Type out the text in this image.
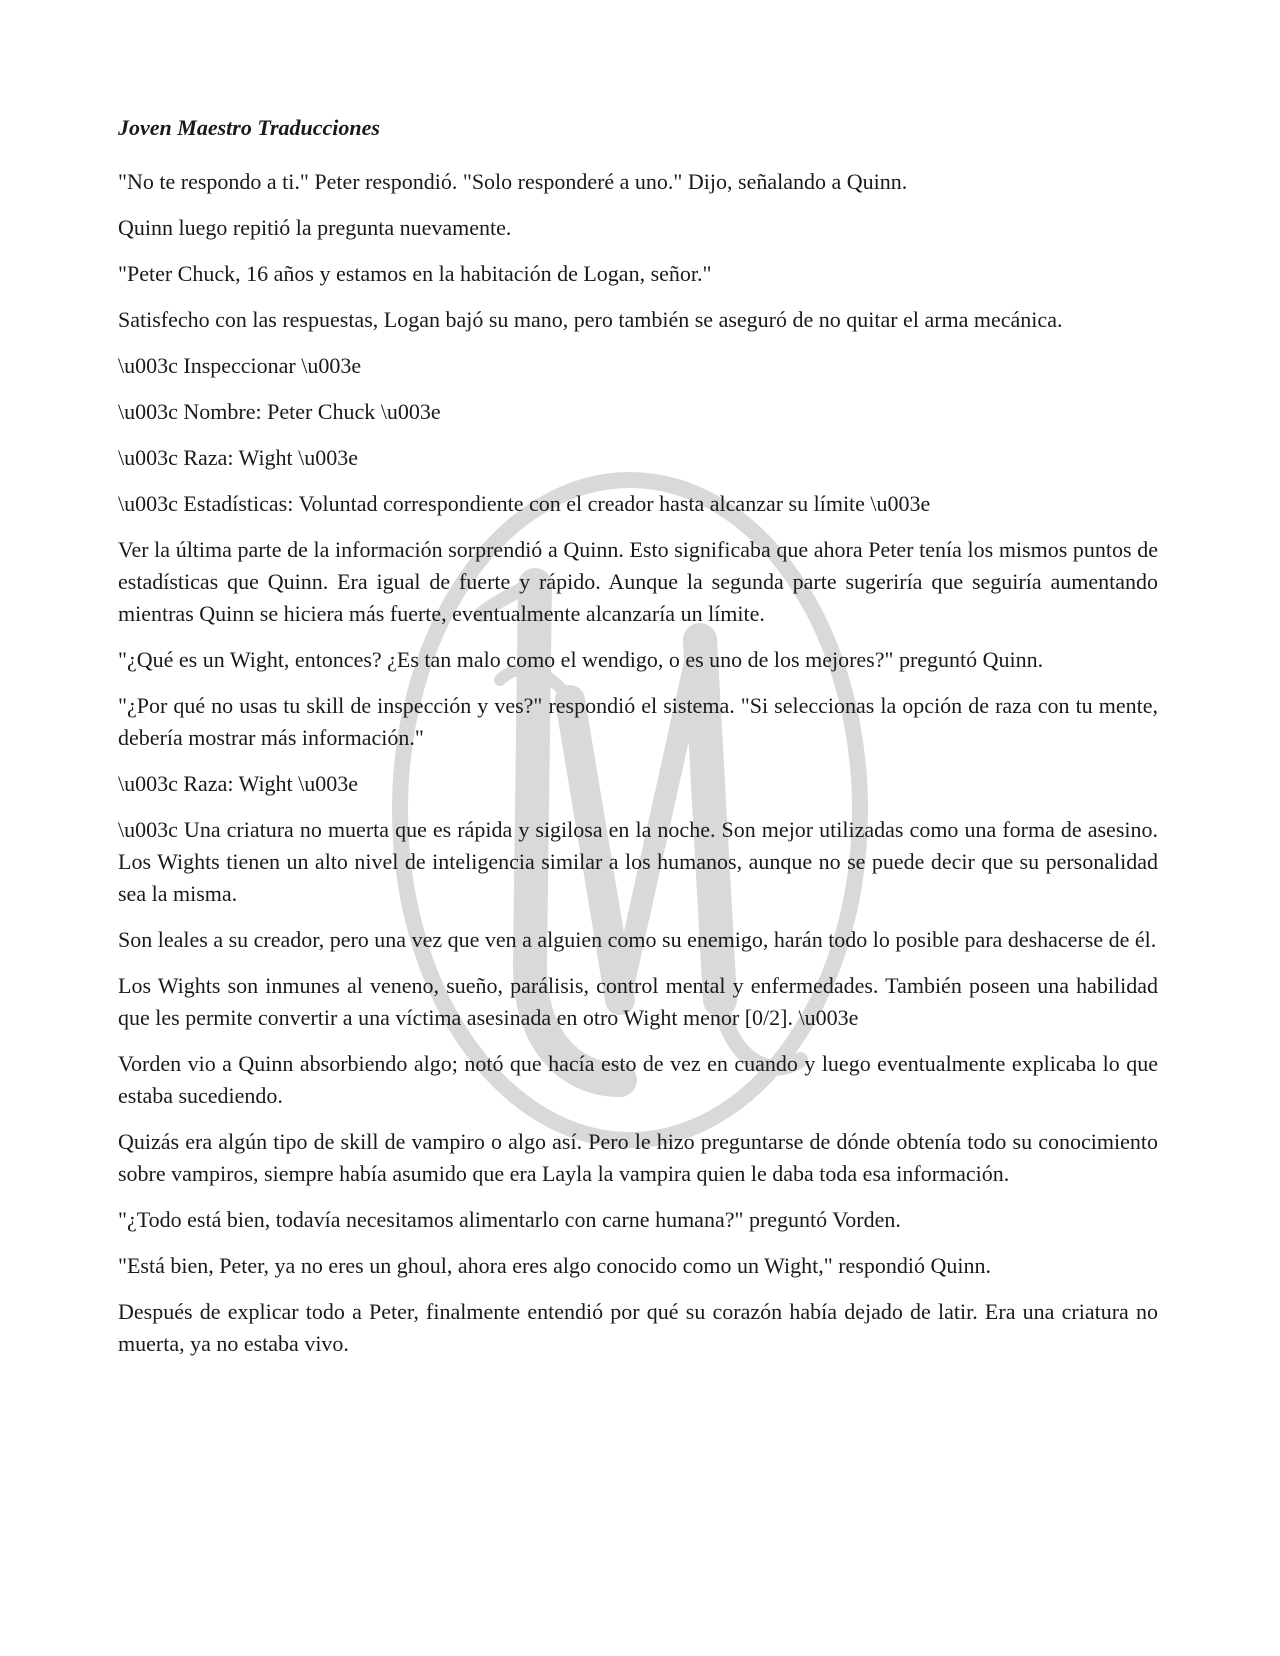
Joven Maestro Traducciones

"No te respondo a ti." Peter respondió. "Solo responderé a uno." Dijo, señalando a Quinn.

Quinn luego repitió la pregunta nuevamente.

"Peter Chuck, 16 años y estamos en la habitación de Logan, señor."

Satisfecho con las respuestas, Logan bajó su mano, pero también se aseguró de no quitar el arma mecánica.

\u003c Inspeccionar \u003e

\u003c Nombre: Peter Chuck \u003e

\u003c Raza: Wight \u003e

\u003c Estadísticas: Voluntad correspondiente con el creador hasta alcanzar su límite \u003e

Ver la última parte de la información sorprendió a Quinn. Esto significaba que ahora Peter tenía los mismos puntos de estadísticas que Quinn. Era igual de fuerte y rápido. Aunque la segunda parte sugeriría que seguiría aumentando mientras Quinn se hiciera más fuerte, eventualmente alcanzaría un límite.

"¿Qué es un Wight, entonces? ¿Es tan malo como el wendigo, o es uno de los mejores?" preguntó Quinn.

"¿Por qué no usas tu skill de inspección y ves?" respondió el sistema. "Si seleccionas la opción de raza con tu mente, debería mostrar más información."

\u003c Raza: Wight \u003e

\u003c Una criatura no muerta que es rápida y sigilosa en la noche. Son mejor utilizadas como una forma de asesino. Los Wights tienen un alto nivel de inteligencia similar a los humanos, aunque no se puede decir que su personalidad sea la misma.

Son leales a su creador, pero una vez que ven a alguien como su enemigo, harán todo lo posible para deshacerse de él.

Los Wights son inmunes al veneno, sueño, parálisis, control mental y enfermedades. También poseen una habilidad que les permite convertir a una víctima asesinada en otro Wight menor [0/2]. \u003e

Vorden vio a Quinn absorbiendo algo; notó que hacía esto de vez en cuando y luego eventualmente explicaba lo que estaba sucediendo.

Quizás era algún tipo de skill de vampiro o algo así. Pero le hizo preguntarse de dónde obtenía todo su conocimiento sobre vampiros, siempre había asumido que era Layla la vampira quien le daba toda esa información.

"¿Todo está bien, todavía necesitamos alimentarlo con carne humana?" preguntó Vorden.

"Está bien, Peter, ya no eres un ghoul, ahora eres algo conocido como un Wight," respondió Quinn.

Después de explicar todo a Peter, finalmente entendió por qué su corazón había dejado de latir. Era una criatura no muerta, ya no estaba vivo.
